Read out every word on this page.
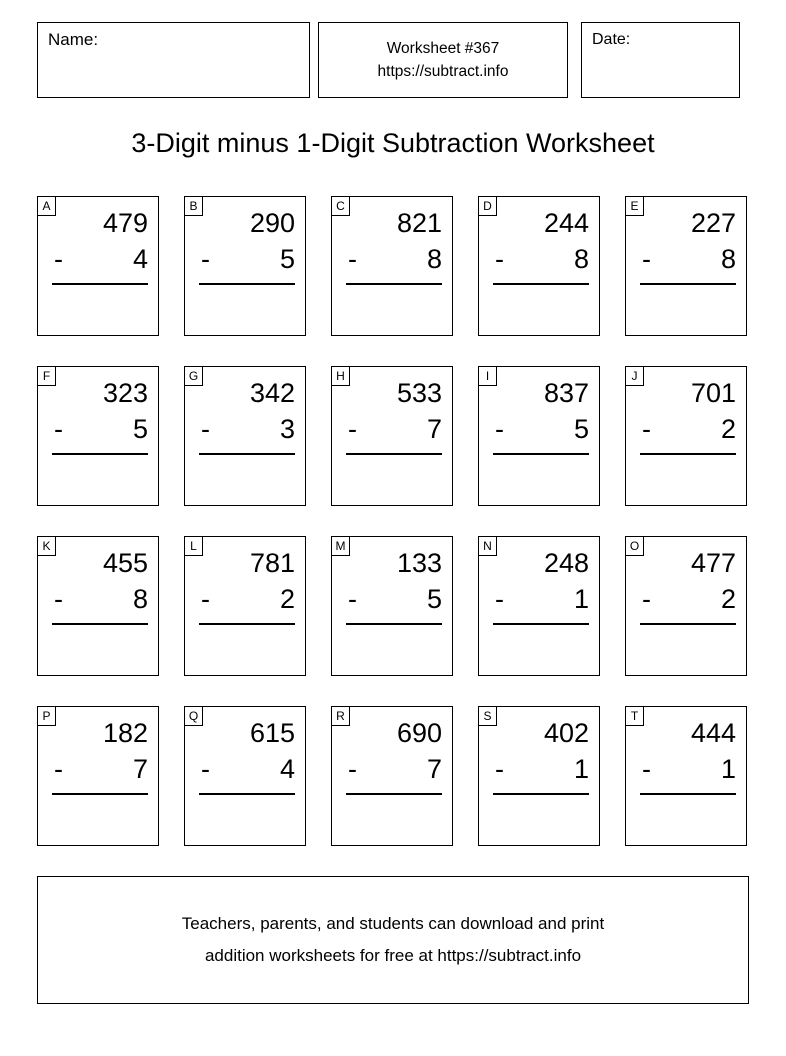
Name:	Worksheet #367
https://subtract.info
Date:
3-Digit minus 1-Digit Subtraction Worksheet
A
479
-	4
B
290
-	5
C
821
-	8
D
244
-	8
E
227
-	8
F
323
-	5
G
342
-	3
H
533
-	7
I
837
-	5
J
701
-	2
K
455
-	8
L
781
-	2
M
133
-	5
N
248
-	1
O
477
-	2
P
182
-	7
Q
615
-	4
R
690
-	7
S
402
-	1
T
444
-	1
Teachers, parents, and students can download and print
addition worksheets for free at https://subtract.info
